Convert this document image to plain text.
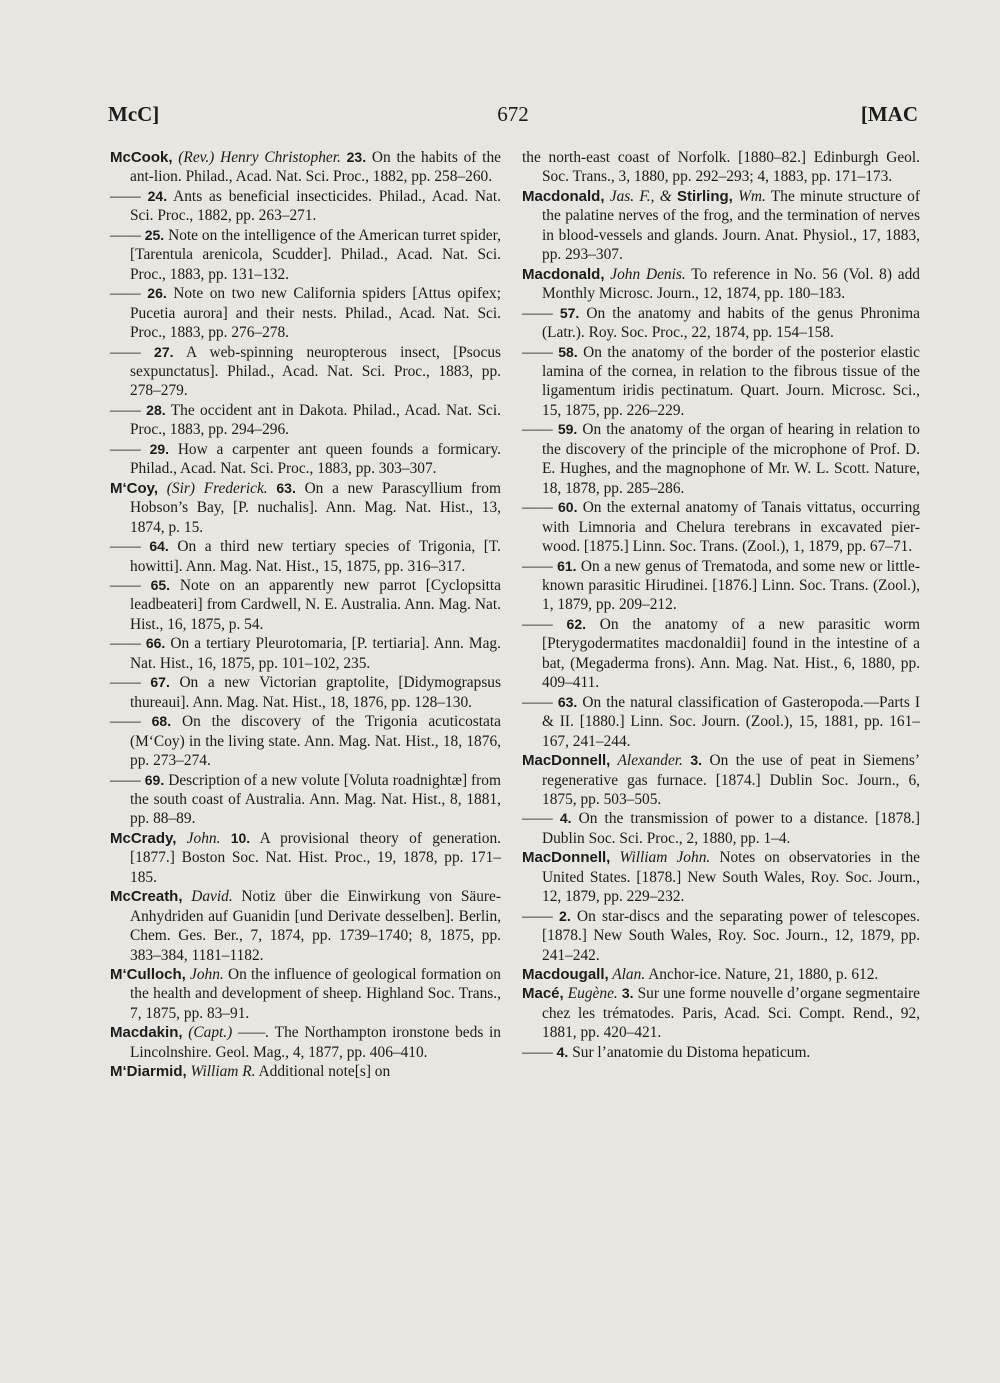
McC]	672	[MAC

McCook, (Rev.) Henry Christopher. 23. On the habits of the ant-lion. Philad., Acad. Nat. Sci. Proc., 1882, pp. 258–260.

—— 24. Ants as beneficial insecticides. Philad., Acad. Nat. Sci. Proc., 1882, pp. 263–271.

—— 25. Note on the intelligence of the American turret spider, [Tarentula arenicola, Scudder]. Philad., Acad. Nat. Sci. Proc., 1883, pp. 131–132.

—— 26. Note on two new California spiders [Attus opifex; Pucetia aurora] and their nests. Philad., Acad. Nat. Sci. Proc., 1883, pp. 276–278.

—— 27. A web-spinning neuropterous insect, [Psocus sexpunctatus]. Philad., Acad. Nat. Sci. Proc., 1883, pp. 278–279.

—— 28. The occident ant in Dakota. Philad., Acad. Nat. Sci. Proc., 1883, pp. 294–296.

—— 29. How a carpenter ant queen founds a formicary. Philad., Acad. Nat. Sci. Proc., 1883, pp. 303–307.

M‘Coy, (Sir) Frederick. 63. On a new Parascyllium from Hobson’s Bay, [P. nuchalis]. Ann. Mag. Nat. Hist., 13, 1874, p. 15.

—— 64. On a third new tertiary species of Trigonia, [T. howitti]. Ann. Mag. Nat. Hist., 15, 1875, pp. 316–317.

—— 65. Note on an apparently new parrot [Cyclopsitta leadbeateri] from Cardwell, N. E. Australia. Ann. Mag. Nat. Hist., 16, 1875, p. 54.

—— 66. On a tertiary Pleurotomaria, [P. tertiaria]. Ann. Mag. Nat. Hist., 16, 1875, pp. 101–102, 235.

—— 67. On a new Victorian graptolite, [Didymograpsus thureaui]. Ann. Mag. Nat. Hist., 18, 1876, pp. 128–130.

—— 68. On the discovery of the Trigonia acuticostata (M‘Coy) in the living state. Ann. Mag. Nat. Hist., 18, 1876, pp. 273–274.

—— 69. Description of a new volute [Voluta roadnightæ] from the south coast of Australia. Ann. Mag. Nat. Hist., 8, 1881, pp. 88–89.

McCrady, John. 10. A provisional theory of generation. [1877.] Boston Soc. Nat. Hist. Proc., 19, 1878, pp. 171–185.

McCreath, David. Notiz über die Einwirkung von Säure-Anhydriden auf Guanidin [und Derivate desselben]. Berlin, Chem. Ges. Ber., 7, 1874, pp. 1739–1740; 8, 1875, pp. 383–384, 1181–1182.

M‘Culloch, John. On the influence of geological formation on the health and development of sheep. Highland Soc. Trans., 7, 1875, pp. 83–91.

Macdakin, (Capt.) ——. The Northampton ironstone beds in Lincolnshire. Geol. Mag., 4, 1877, pp. 406–410.

M‘Diarmid, William R. Additional note[s] on

the north-east coast of Norfolk. [1880–82.] Edinburgh Geol. Soc. Trans., 3, 1880, pp. 292–293; 4, 1883, pp. 171–173.

Macdonald, Jas. F., & Stirling, Wm. The minute structure of the palatine nerves of the frog, and the termination of nerves in blood-vessels and glands. Journ. Anat. Physiol., 17, 1883, pp. 293–307.

Macdonald, John Denis. To reference in No. 56 (Vol. 8) add Monthly Microsc. Journ., 12, 1874, pp. 180–183.

—— 57. On the anatomy and habits of the genus Phronima (Latr.). Roy. Soc. Proc., 22, 1874, pp. 154–158.

—— 58. On the anatomy of the border of the posterior elastic lamina of the cornea, in relation to the fibrous tissue of the ligamentum iridis pectinatum. Quart. Journ. Microsc. Sci., 15, 1875, pp. 226–229.

—— 59. On the anatomy of the organ of hearing in relation to the discovery of the principle of the microphone of Prof. D. E. Hughes, and the magnophone of Mr. W. L. Scott. Nature, 18, 1878, pp. 285–286.

—— 60. On the external anatomy of Tanais vittatus, occurring with Limnoria and Chelura terebrans in excavated pier-wood. [1875.] Linn. Soc. Trans. (Zool.), 1, 1879, pp. 67–71.

—— 61. On a new genus of Trematoda, and some new or little-known parasitic Hirudinei. [1876.] Linn. Soc. Trans. (Zool.), 1, 1879, pp. 209–212.

—— 62. On the anatomy of a new parasitic worm [Pterygodermatites macdonaldii] found in the intestine of a bat, (Megaderma frons). Ann. Mag. Nat. Hist., 6, 1880, pp. 409–411.

—— 63. On the natural classification of Gasteropoda.—Parts I & II. [1880.] Linn. Soc. Journ. (Zool.), 15, 1881, pp. 161–167, 241–244.

MacDonnell, Alexander. 3. On the use of peat in Siemens’ regenerative gas furnace. [1874.] Dublin Soc. Journ., 6, 1875, pp. 503–505.

—— 4. On the transmission of power to a distance. [1878.] Dublin Soc. Sci. Proc., 2, 1880, pp. 1–4.

MacDonnell, William John. Notes on observatories in the United States. [1878.] New South Wales, Roy. Soc. Journ., 12, 1879, pp. 229–232.

—— 2. On star-discs and the separating power of telescopes. [1878.] New South Wales, Roy. Soc. Journ., 12, 1879, pp. 241–242.

Macdougall, Alan. Anchor-ice. Nature, 21, 1880, p. 612.

Macé, Eugène. 3. Sur une forme nouvelle d’organe segmentaire chez les trématodes. Paris, Acad. Sci. Compt. Rend., 92, 1881, pp. 420–421.

—— 4. Sur l’anatomie du Distoma hepaticum.
